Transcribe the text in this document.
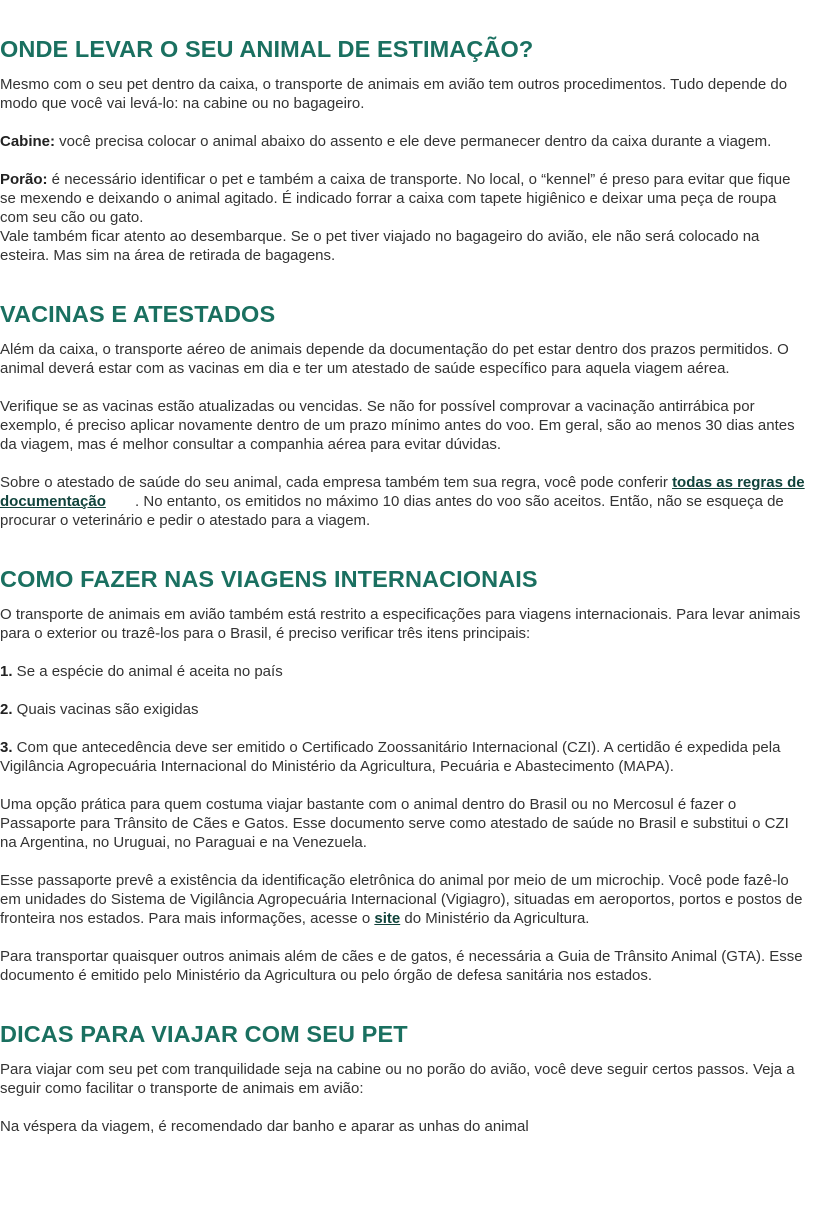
ONDE LEVAR O SEU ANIMAL DE ESTIMAÇÃO?

Mesmo com o seu pet dentro da caixa, o transporte de animais em avião tem outros procedimentos. Tudo depende do modo que você vai levá-lo: na cabine ou no bagageiro.

Cabine: você precisa colocar o animal abaixo do assento e ele deve permanecer dentro da caixa durante a viagem.

Porão: é necessário identificar o pet e também a caixa de transporte. No local, o “kennel” é preso para evitar que fique se mexendo e deixando o animal agitado. É indicado forrar a caixa com tapete higiênico e deixar uma peça de roupa com seu cão ou gato.

Vale também ficar atento ao desembarque. Se o pet tiver viajado no bagageiro do avião, ele não será colocado na esteira. Mas sim na área de retirada de bagagens.

VACINAS E ATESTADOS

Além da caixa, o transporte aéreo de animais depende da documentação do pet estar dentro dos prazos permitidos. O animal deverá estar com as vacinas em dia e ter um atestado de saúde específico para aquela viagem aérea.

Verifique se as vacinas estão atualizadas ou vencidas. Se não for possível comprovar a vacinação antirrábica por exemplo, é preciso aplicar novamente dentro de um prazo mínimo antes do voo. Em geral, são ao menos 30 dias antes da viagem, mas é melhor consultar a companhia aérea para evitar dúvidas.

Sobre o atestado de saúde do seu animal, cada empresa também tem sua regra, você pode conferir todas as regras de documentação       . No entanto, os emitidos no máximo 10 dias antes do voo são aceitos. Então, não se esqueça de procurar o veterinário e pedir o atestado para a viagem.

COMO FAZER NAS VIAGENS INTERNACIONAIS

O transporte de animais em avião também está restrito a especificações para viagens internacionais. Para levar animais para o exterior ou trazê-los para o Brasil, é preciso verificar três itens principais:

1. Se a espécie do animal é aceita no país

2. Quais vacinas são exigidas

3. Com que antecedência deve ser emitido o Certificado Zoossanitário Internacional (CZI). A certidão é expedida pela Vigilância Agropecuária Internacional do Ministério da Agricultura, Pecuária e Abastecimento (MAPA).

Uma opção prática para quem costuma viajar bastante com o animal dentro do Brasil ou no Mercosul é fazer o Passaporte para Trânsito de Cães e Gatos. Esse documento serve como atestado de saúde no Brasil e substitui o CZI na Argentina, no Uruguai, no Paraguai e na Venezuela.

Esse passaporte prevê a existência da identificação eletrônica do animal por meio de um microchip. Você pode fazê-lo em unidades do Sistema de Vigilância Agropecuária Internacional (Vigiagro), situadas em aeroportos, portos e postos de fronteira nos estados. Para mais informações, acesse o site do Ministério da Agricultura.

Para transportar quaisquer outros animais além de cães e de gatos, é necessária a Guia de Trânsito Animal (GTA). Esse documento é emitido pelo Ministério da Agricultura ou pelo órgão de defesa sanitária nos estados.

DICAS PARA VIAJAR COM SEU PET

Para viajar com seu pet com tranquilidade seja na cabine ou no porão do avião, você deve seguir certos passos. Veja a seguir como facilitar o transporte de animais em avião:

Na véspera da viagem, é recomendado dar banho e aparar as unhas do animal
